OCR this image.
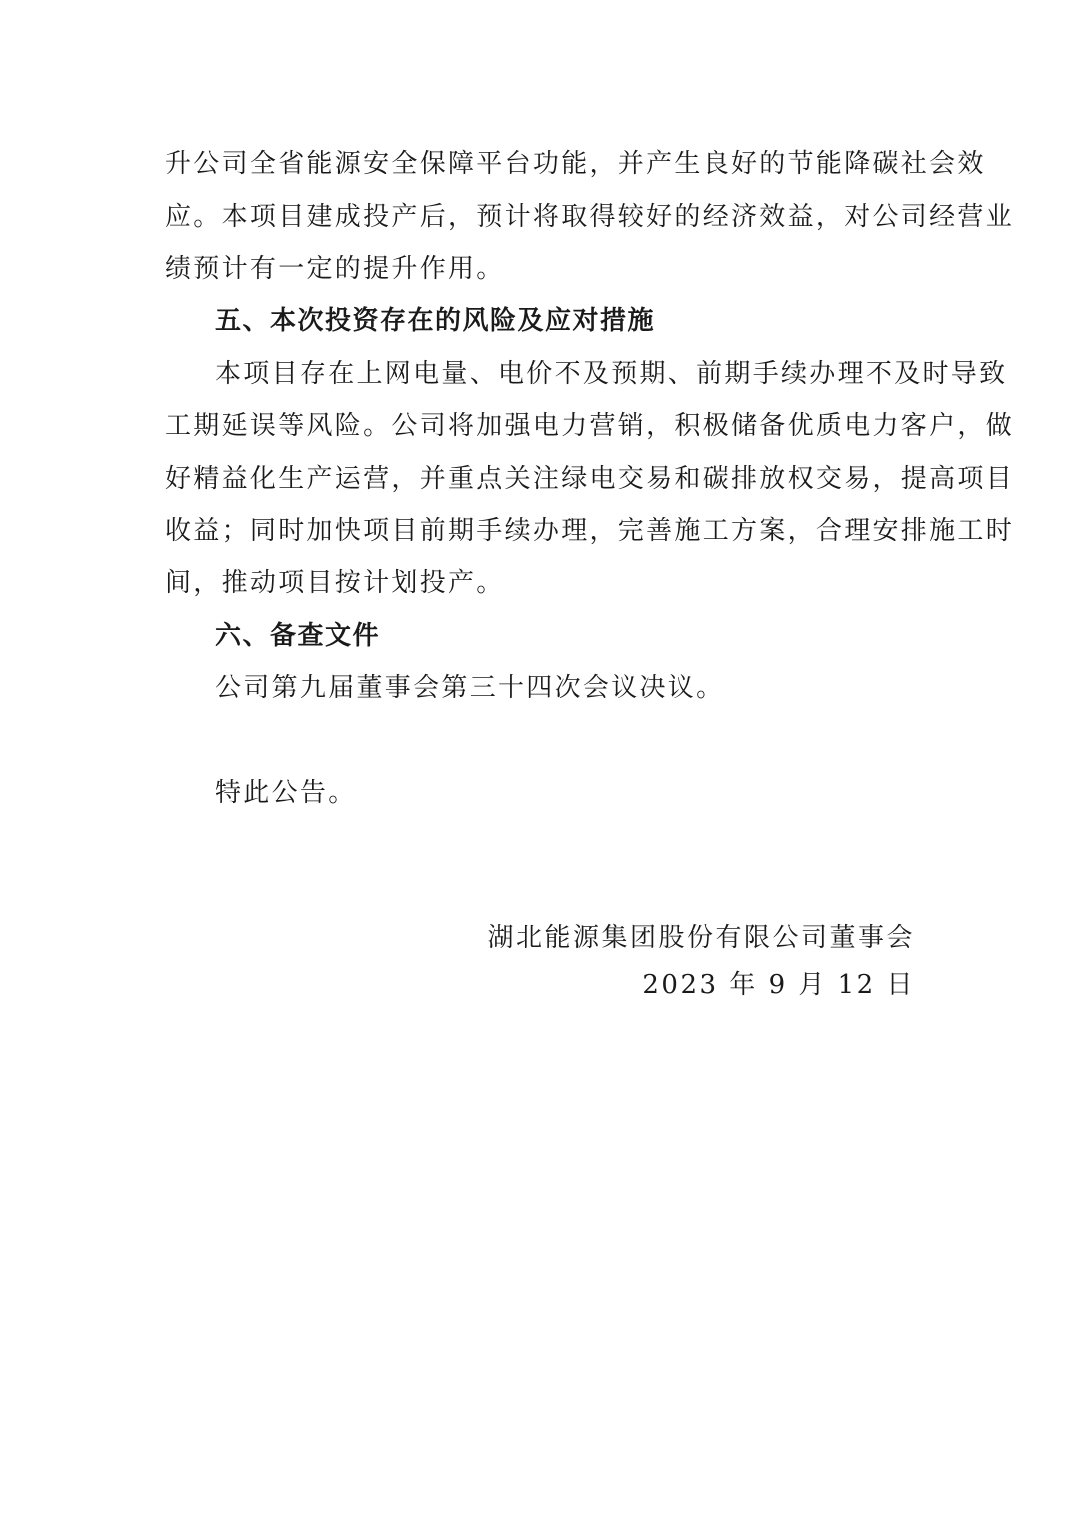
升公司全省能源安全保障平台功能，并产生良好的节能降碳社会效
应。本项目建成投产后，预计将取得较好的经济效益，对公司经营业
绩预计有一定的提升作用。
五、本次投资存在的风险及应对措施
本项目存在上网电量、电价不及预期、前期手续办理不及时导致
工期延误等风险。公司将加强电力营销，积极储备优质电力客户，做
好精益化生产运营，并重点关注绿电交易和碳排放权交易，提高项目
收益；同时加快项目前期手续办理，完善施工方案，合理安排施工时
间，推动项目按计划投产。
六、备查文件
公司第九届董事会第三十四次会议决议。
特此公告。
湖北能源集团股份有限公司董事会
2023 年 9 月 12 日
